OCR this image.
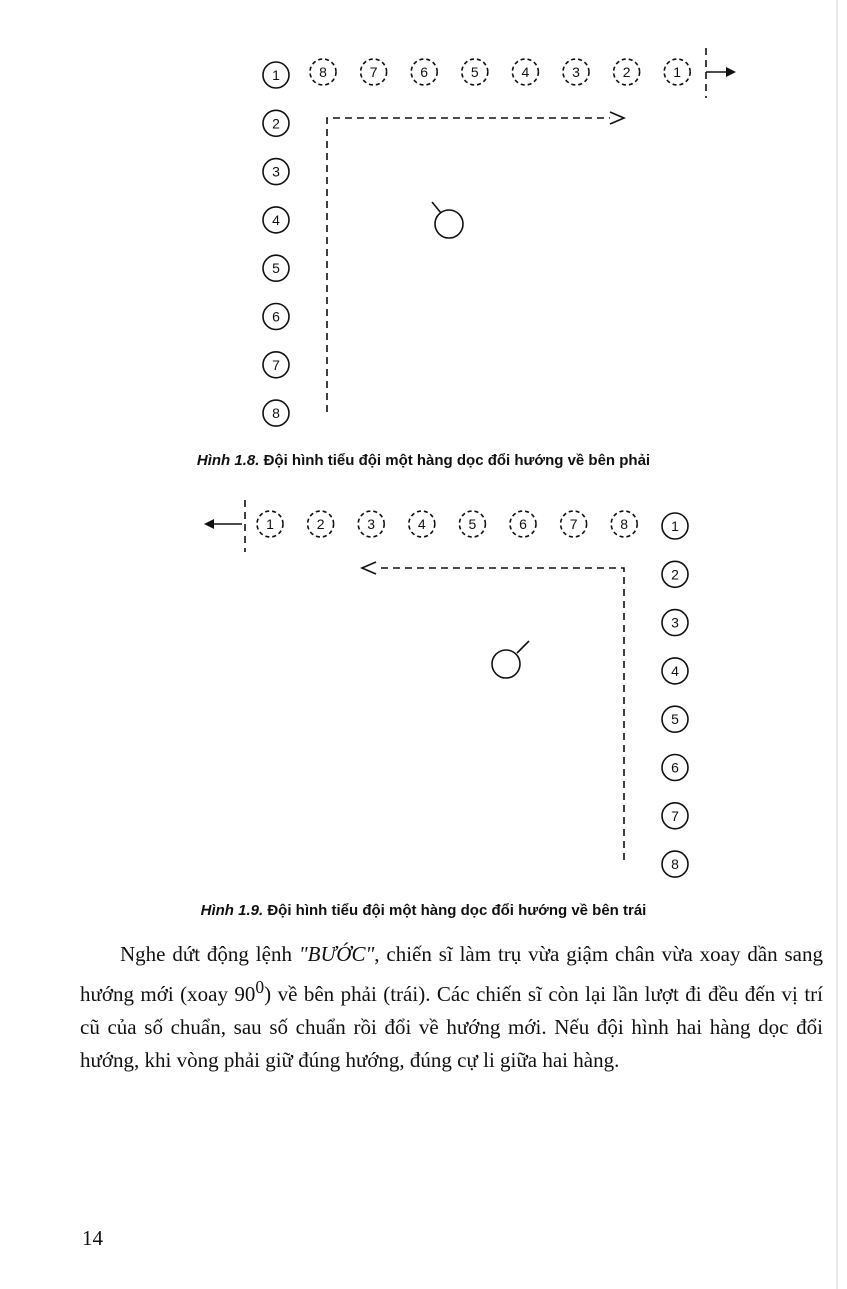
1
2
3
4
5
6
7
8
8	7	6	5	4	3	2	1
Hình 1.8. Đội hình tiểu đội một hàng dọc đổi hướng về bên phải
1
2
3
4
5
6
7
8
1	2	3	4	5	6	7	8
Hình 1.9. Đội hình tiểu đội một hàng dọc đổi hướng về bên trái

Nghe dứt động lệnh "BƯỚC", chiến sĩ làm trụ vừa giậm chân vừa xoay dần sang hướng mới (xoay $90^0$) về bên phải (trái). Các chiến sĩ còn lại lần lượt đi đều đến vị trí cũ của số chuẩn, sau số chuẩn rồi đổi về hướng mới. Nếu đội hình hai hàng dọc đổi hướng, khi vòng phải giữ đúng hướng, đúng cự li giữa hai hàng.

14
